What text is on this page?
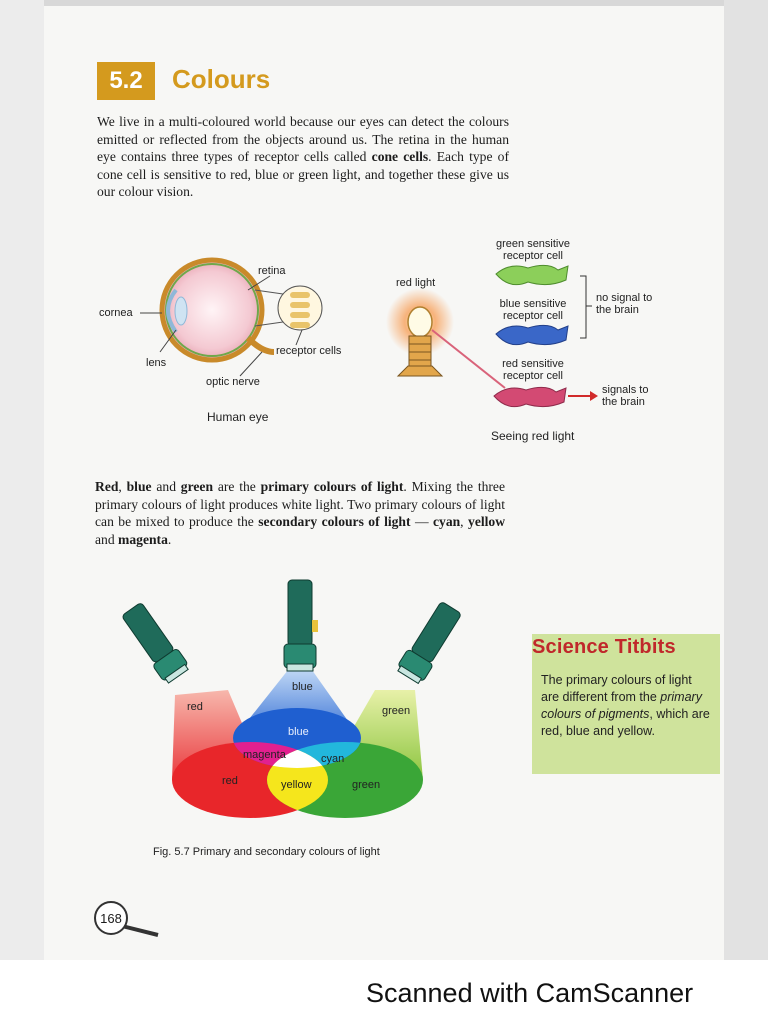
5.2	Colours
We live in a multi-coloured world because our eyes can detect the colours emitted or reflected from the objects around us. The retina in the human eye contains three types of receptor cells called cone cells. Each type of cone cell is sensitive to red, blue or green light, and together these give us our colour vision.
retina
cornea
lens
receptor cells
optic nerve
Human eye
red light
green sensitive
receptor cell
blue sensitive
receptor cell
red sensitive
receptor cell
no signal to
the brain
signals to
the brain
Seeing red light
Red, blue and green are the primary colours of light. Mixing the three primary colours of light produces white light. Two primary colours of light can be mixed to produce the secondary colours of light — cyan, yellow and magenta.
red
blue
green
blue
magenta	cyan
red	yellow	green
Fig. 5.7 Primary and secondary colours of light
Science Titbits
The primary colours of light are different from the primary colours of pigments, which are red, blue and yellow.
168
Scanned with CamScanner
